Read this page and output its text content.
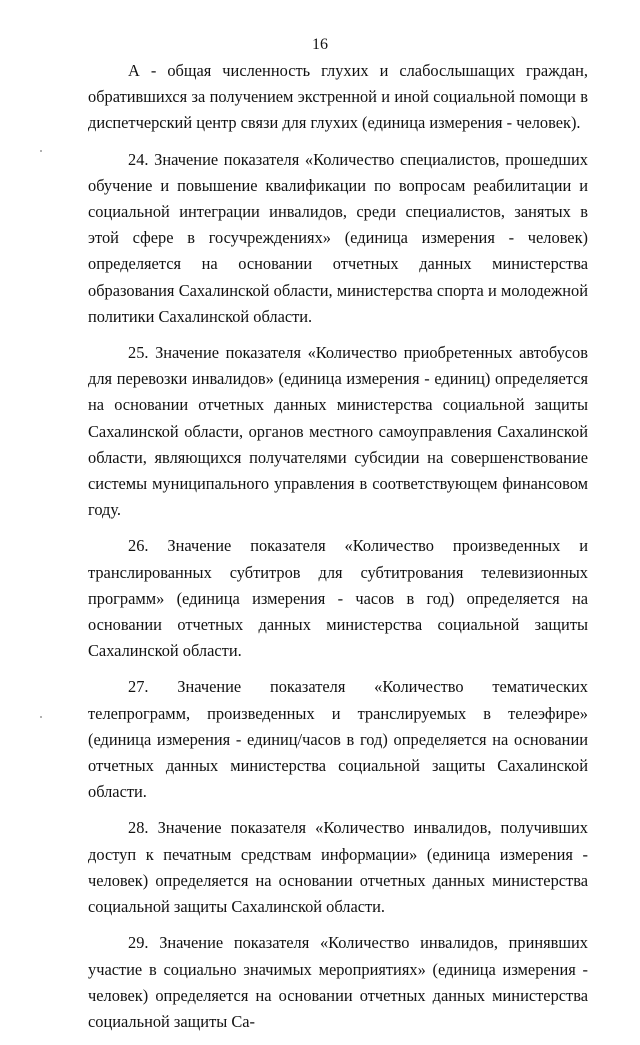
16

А - общая численность глухих и слабослышащих граждан, обратившихся за получением экстренной и иной социальной помощи в диспетчерский центр связи для глухих (единица измерения - человек).

24. Значение показателя «Количество специалистов, прошедших обучение и повышение квалификации по вопросам реабилитации и социальной интеграции инвалидов, среди специалистов, занятых в этой сфере в госучреждениях» (единица измерения - человек) определяется на основании отчетных данных министерства образования Сахалинской области, министерства спорта и молодежной политики Сахалинской области.

25. Значение показателя «Количество приобретенных автобусов для перевозки инвалидов» (единица измерения - единиц) определяется на основании отчетных данных министерства социальной защиты Сахалинской области, органов местного самоуправления Сахалинской области, являющихся получателями субсидии на совершенствование системы муниципального управления в соответствующем финансовом году.

26. Значение показателя «Количество произведенных и транслированных субтитров для субтитрования телевизионных программ» (единица измерения - часов в год) определяется на основании отчетных данных министерства социальной защиты Сахалинской области.

27. Значение показателя «Количество тематических телепрограмм, произведенных и транслируемых в телеэфире» (единица измерения - единиц/часов в год) определяется на основании отчетных данных министерства социальной защиты Сахалинской области.

28. Значение показателя «Количество инвалидов, получивших доступ к печатным средствам информации» (единица измерения - человек) определяется на основании отчетных данных министерства социальной защиты Сахалинской области.

29. Значение показателя «Количество инвалидов, принявших участие в социально значимых мероприятиях» (единица измерения - человек) определяется на основании отчетных данных министерства социальной защиты Са-
